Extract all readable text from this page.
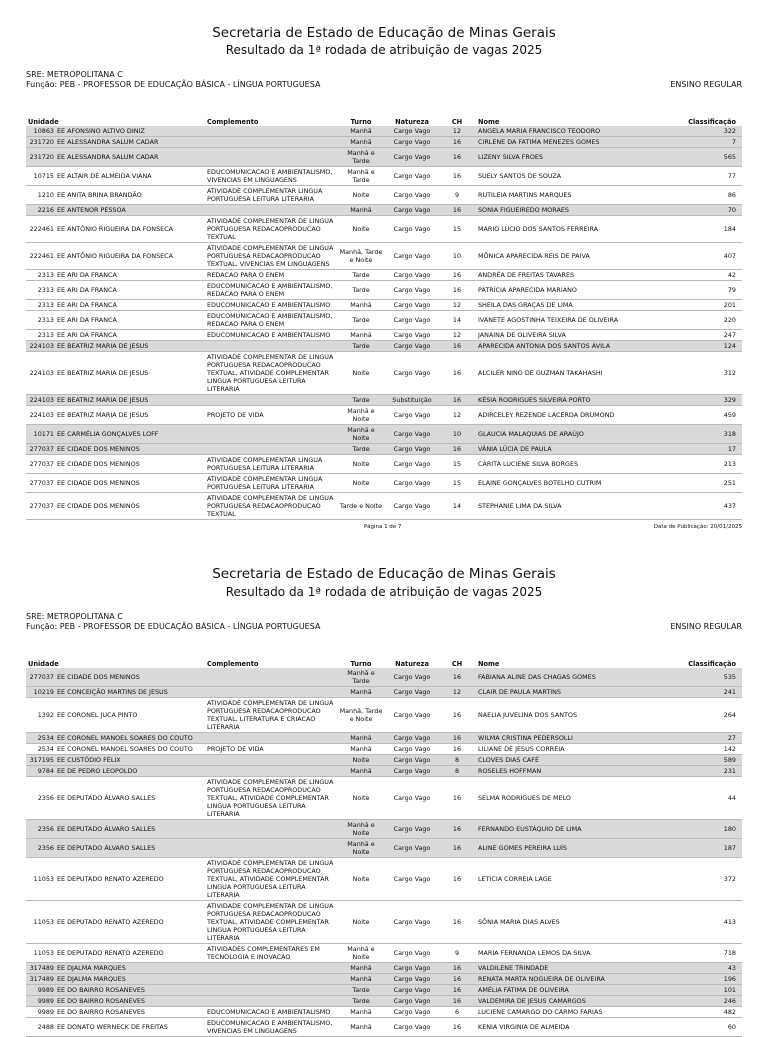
Secretaria de Estado de Educação de Minas Gerais
Resultado da 1ª rodada de atribuição de vagas 2025
SRE: METROPOLITANA C
Função: PEB - PROFESSOR DE EDUCAÇÃO BÁSICA - LÍNGUA PORTUGUESA	ENSINO REGULAR
Unidade	Complemento	Turno	Natureza	CH	Nome	Classificação
10863 EE AFONSINO ALTIVO DINIZ		Manhã	Cargo Vago	12	ANGELA MARIA FRANCISCO TEODORO	322
231720 EE ALESSANDRA SALUM CADAR		Manhã	Cargo Vago	16	CIRLENE DA FATIMA MENEZES GOMES	7
231720 EE ALESSANDRA SALUM CADAR		Manhã e Tarde	Cargo Vago	16	LIZENY SILVA FROES	565
10715 EE ALTAIR DE ALMEIDA VIANA	EDUCOMUNICACAO E AMBIENTALISMO, VIVENCIAS EM LINGUAGENS	Manhã e Tarde	Cargo Vago	16	SUELY SANTOS DE SOUZA	77
1210 EE ANITA BRINA BRANDÃO	ATIVIDADE COMPLEMENTAR LINGUA PORTUGUESA LEITURA LITERARIA	Noite	Cargo Vago	9	RUTILEIA MARTINS MARQUES	86
2216 EE ANTENOR PESSOA		Manhã	Cargo Vago	16	SONIA FIGUEIREDO MORAES	70
222461 EE ANTÔNIO RIGUEIRA DA FONSECA	ATIVIDADE COMPLEMENTAR DE LINGUA PORTUGUESA REDACAOPRODUCAO TEXTUAL	Noite	Cargo Vago	15	MARIO LUCIO DOS SANTOS FERREIRA	184
222461 EE ANTÔNIO RIGUEIRA DA FONSECA	ATIVIDADE COMPLEMENTAR DE LINGUA PORTUGUESA REDACAOPRODUCAO TEXTUAL, VIVENCIAS EM LINGUAGENS	Manhã, Tarde e Noite	Cargo Vago	10	MÔNICA APARECIDA REIS DE PAIVA	407
2313 EE ARI DA FRANCA	REDACAO PARA O ENEM	Tarde	Cargo Vago	16	ANDRÉA DE FREITAS TAVARES	42
2313 EE ARI DA FRANCA	EDUCOMUNICACAO E AMBIENTALISMO, REDACAO PARA O ENEM	Tarde	Cargo Vago	16	PATRÍCIA APARECIDA MARIANO	79
2313 EE ARI DA FRANCA	EDUCOMUNICACAO E AMBIENTALISMO	Manhã	Cargo Vago	12	SHEILA DAS GRAÇAS DE LIMA	201
2313 EE ARI DA FRANCA	EDUCOMUNICACAO E AMBIENTALISMO, REDACAO PARA O ENEM	Tarde	Cargo Vago	14	IVANETE AGOSTINHA TEIXEIRA DE OLIVEIRA	220
2313 EE ARI DA FRANCA	EDUCOMUNICACAO E AMBIENTALISMO	Manhã	Cargo Vago	12	JANAINA DE OLIVEIRA SILVA	247
224103 EE BEATRIZ MARIA DE JESUS		Tarde	Cargo Vago	16	APARECIDA ANTONIA DOS SANTOS ÁVILA	124
224103 EE BEATRIZ MARIA DE JESUS	ATIVIDADE COMPLEMENTAR DE LINGUA PORTUGUESA REDACAOPRODUCAO TEXTUAL, ATIVIDADE COMPLEMENTAR LINGUA PORTUGUESA LEITURA LITERARIA	Noite	Cargo Vago	16	ALCILER NINO DE GUZMAN TAKAHASHI	312
224103 EE BEATRIZ MARIA DE JESUS		Tarde	Substituição	16	KÉSIA RODRIGUES SILVEIRA PORTO	329
224103 EE BEATRIZ MARIA DE JESUS	PROJETO DE VIDA	Manhã e Noite	Cargo Vago	12	ADIRCELEY REZENDE LACERDA DRUMOND	459
10171 EE CARMÉLIA GONÇALVES LOFF		Manhã e Noite	Cargo Vago	10	GLAUCIA MALAQUIAS DE ARAÚJO	318
277037 EE CIDADE DOS MENINOS		Tarde	Cargo Vago	16	VÂNIA LÚCIA DE PAULA	17
277037 EE CIDADE DOS MENINOS	ATIVIDADE COMPLEMENTAR LINGUA PORTUGUESA LEITURA LITERARIA	Noite	Cargo Vago	15	CÁRITA LUCIENE SILVA BORGES	213
277037 EE CIDADE DOS MENINOS	ATIVIDADE COMPLEMENTAR LINGUA PORTUGUESA LEITURA LITERARIA	Noite	Cargo Vago	15	ELAINE GONÇALVES BOTELHO CUTRIM	251
277037 EE CIDADE DOS MENINOS	ATIVIDADE COMPLEMENTAR DE LINGUA PORTUGUESA REDACAOPRODUCAO TEXTUAL	Tarde e Noite	Cargo Vago	14	STEPHANIE LIMA DA SILVA	437
Página 1 de 7	Data de Publicação: 20/01/2025
Secretaria de Estado de Educação de Minas Gerais
Resultado da 1ª rodada de atribuição de vagas 2025
SRE: METROPOLITANA C
Função: PEB - PROFESSOR DE EDUCAÇÃO BÁSICA - LÍNGUA PORTUGUESA	ENSINO REGULAR
Unidade	Complemento	Turno	Natureza	CH	Nome	Classificação
277037 EE CIDADE DOS MENINOS		Manhã e Tarde	Cargo Vago	16	FABIANA ALINE DAS CHAGAS GOMES	535
10219 EE CONCEIÇÃO MARTINS DE JESUS		Manhã	Cargo Vago	12	CLAIR DE PAULA MARTINS	241
1392 EE CORONEL JUCA PINTO	ATIVIDADE COMPLEMENTAR DE LINGUA PORTUGUESA REDACAOPRODUCAO TEXTUAL, LITERATURA E CRIACAO LITERARIA	Manhã, Tarde e Noite	Cargo Vago	16	NAELIA JUVELINA DOS SANTOS	264
2534 EE CORONEL MANOEL SOARES DO COUTO		Manhã	Cargo Vago	16	WILMA CRISTINA PEDERSOLLI	27
2534 EE CORONEL MANOEL SOARES DO COUTO	PROJETO DE VIDA	Manhã	Cargo Vago	16	LILIANE DE JESUS CORREIA	142
317195 EE CUSTÓDIO FÉLIX		Noite	Cargo Vago	8	CLOVES DIAS CAFÉ	589
9784 EE DE PEDRO LEOPOLDO		Manhã	Cargo Vago	8	ROSELES HOFFMAN	231
2356 EE DEPUTADO ÁLVARO SALLES	ATIVIDADE COMPLEMENTAR DE LINGUA PORTUGUESA REDACAOPRODUCAO TEXTUAL, ATIVIDADE COMPLEMENTAR LINGUA PORTUGUESA LEITURA LITERARIA	Noite	Cargo Vago	16	SELMA RODRIGUES DE MELO	44
2356 EE DEPUTADO ÁLVARO SALLES		Manhã e Noite	Cargo Vago	16	FERNANDO EUSTÁQUIO DE LIMA	180
2356 EE DEPUTADO ÁLVARO SALLES		Manhã e Noite	Cargo Vago	16	ALINE GOMES PEREIRA LUÍS	187
11053 EE DEPUTADO RENATO AZEREDO	ATIVIDADE COMPLEMENTAR DE LINGUA PORTUGUESA REDACAOPRODUCAO TEXTUAL, ATIVIDADE COMPLEMENTAR LINGUA PORTUGUESA LEITURA LITERARIA	Noite	Cargo Vago	16	LETICIA CORREIA LAGE	372
11053 EE DEPUTADO RENATO AZEREDO	ATIVIDADE COMPLEMENTAR DE LINGUA PORTUGUESA REDACAOPRODUCAO TEXTUAL, ATIVIDADE COMPLEMENTAR LINGUA PORTUGUESA LEITURA LITERARIA	Noite	Cargo Vago	16	SÔNIA MARIA DIAS ALVES	413
11053 EE DEPUTADO RENATO AZEREDO	ATIVIDADES COMPLEMENTARES EM TECNOLOGIA E INOVACAO	Manhã e Noite	Cargo Vago	9	MARIA FERNANDA LEMOS DA SILVA	718
317489 EE DJALMA MARQUES		Manhã	Cargo Vago	16	VALDILENE TRINDADE	43
317489 EE DJALMA MARQUES		Manhã	Cargo Vago	16	RENATA MARTA NOGUEIRA DE OLIVEIRA	196
9989 EE DO BAIRRO ROSANEVES		Tarde	Cargo Vago	16	AMÉLIA FÁTIMA DE OLIVEIRA	101
9989 EE DO BAIRRO ROSANEVES		Tarde	Cargo Vago	16	VALDEMIRA DE JESUS CAMARGOS	246
9989 EE DO BAIRRO ROSANEVES	EDUCOMUNICACAO E AMBIENTALISMO	Manhã	Cargo Vago	6	LUCIENE CAMARGO DO CARMO FARIAS	482
2488 EE DONATO WERNECK DE FREITAS	EDUCOMUNICACAO E AMBIENTALISMO, VIVENCIAS EM LINGUAGENS	Manhã	Cargo Vago	16	KENIA VIRGINIA DE ALMEIDA	60
